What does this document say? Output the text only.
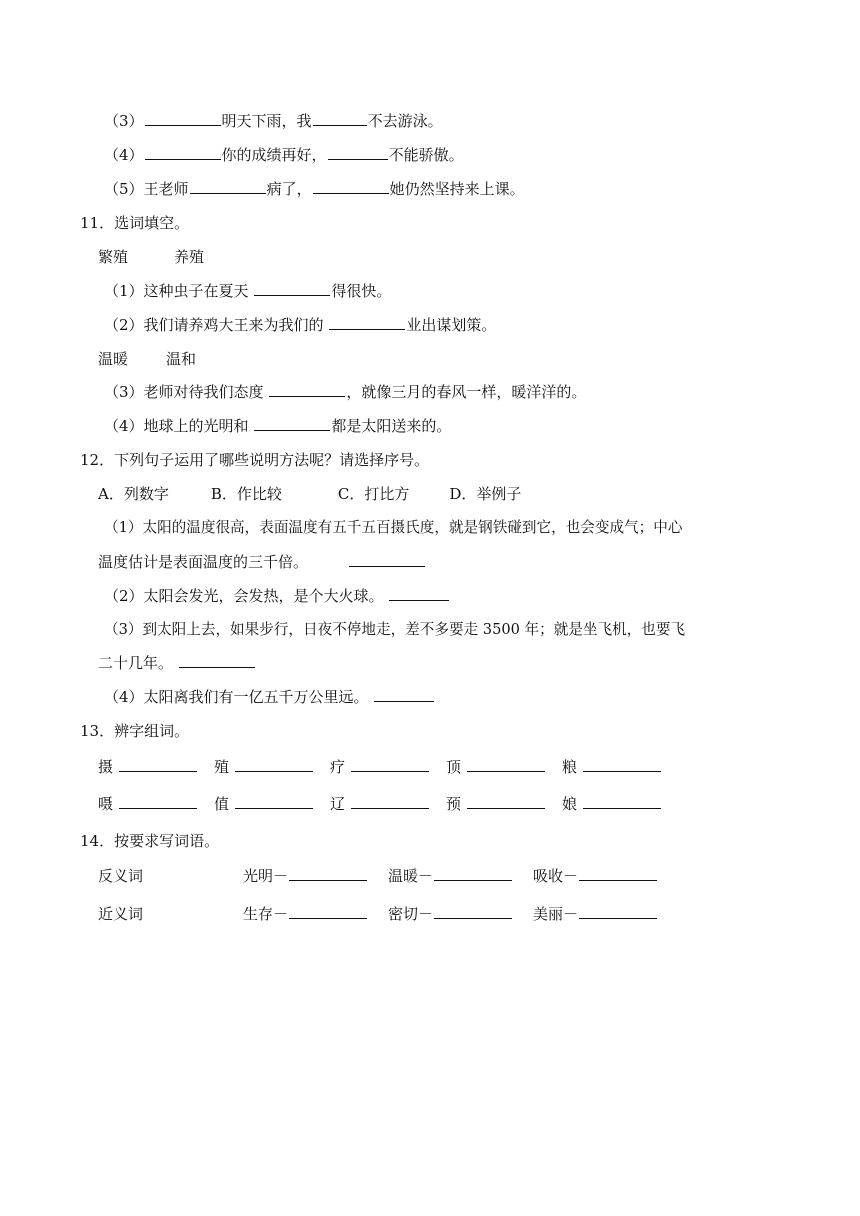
（3）	明天下雨，我	不去游泳。
（4）	你的成绩再好，	不能骄傲。
（5）王老师	病了，	她仍然坚持来上课。
11．选词填空。
繁殖	养殖
（1）这种虫子在夏天	得很快。
（2）我们请养鸡大王来为我们的	业出谋划策。
温暖	温和
（3）老师对待我们态度	，就像三月的春风一样，暖洋洋的。
（4）地球上的光明和	都是太阳送来的。
12．下列句子运用了哪些说明方法呢？请选择序号。
A．列数字	B．作比较	C．打比方	D．举例子
（1）太阳的温度很高，表面温度有五千五百摄氏度，就是钢铁碰到它，也会变成气；中心
温度估计是表面温度的三千倍。
（2）太阳会发光，会发热，是个大火球。
（3）到太阳上去，如果步行，日夜不停地走，差不多要走 3500 年；就是坐飞机，也要飞
二十几年。
（4）太阳离我们有一亿五千万公里远。
13．辨字组词。
摄	殖	疗	顶	粮
嗫	值	辽	预	娘
14．按要求写词语。
反义词	光明－	温暖－	吸收－
近义词	生存－	密切－	美丽－
